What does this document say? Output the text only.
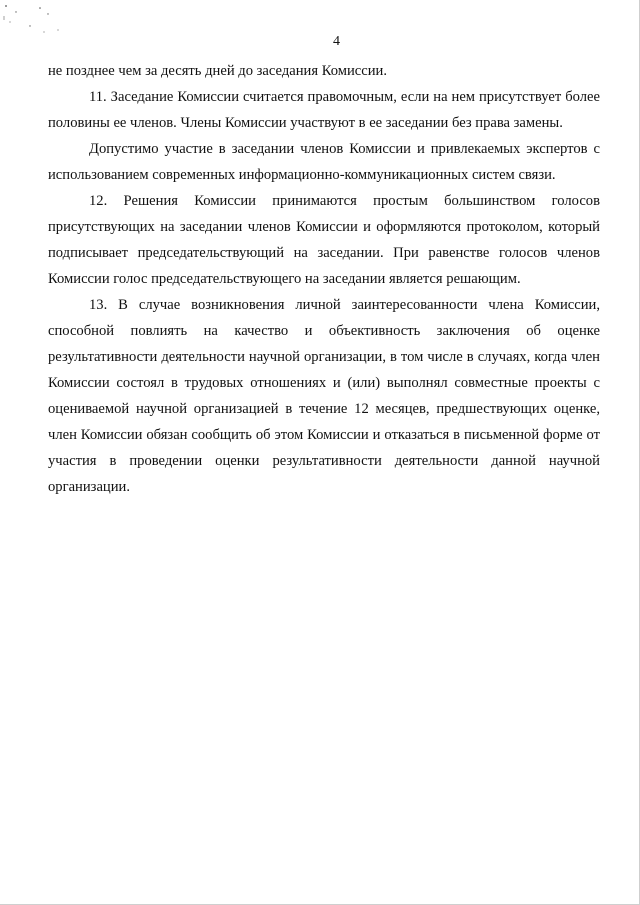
4

не позднее чем за десять дней до заседания Комиссии.

11. Заседание Комиссии считается правомочным, если на нем присутствует более половины ее членов. Члены Комиссии участвуют в ее заседании без права замены.

Допустимо участие в заседании членов Комиссии и привлекаемых экспертов с использованием современных информационно-коммуникационных систем связи.

12. Решения Комиссии принимаются простым большинством голосов присутствующих на заседании членов Комиссии и оформляются протоколом, который подписывает председательствующий на заседании. При равенстве голосов членов Комиссии голос председательствующего на заседании является решающим.

13. В случае возникновения личной заинтересованности члена Комиссии, способной повлиять на качество и объективность заключения об оценке результативности деятельности научной организации, в том числе в случаях, когда член Комиссии состоял в трудовых отношениях и (или) выполнял совместные проекты с оцениваемой научной организацией в течение 12 месяцев, предшествующих оценке, член Комиссии обязан сообщить об этом Комиссии и отказаться в письменной форме от участия в проведении оценки результативности деятельности данной научной организации.
